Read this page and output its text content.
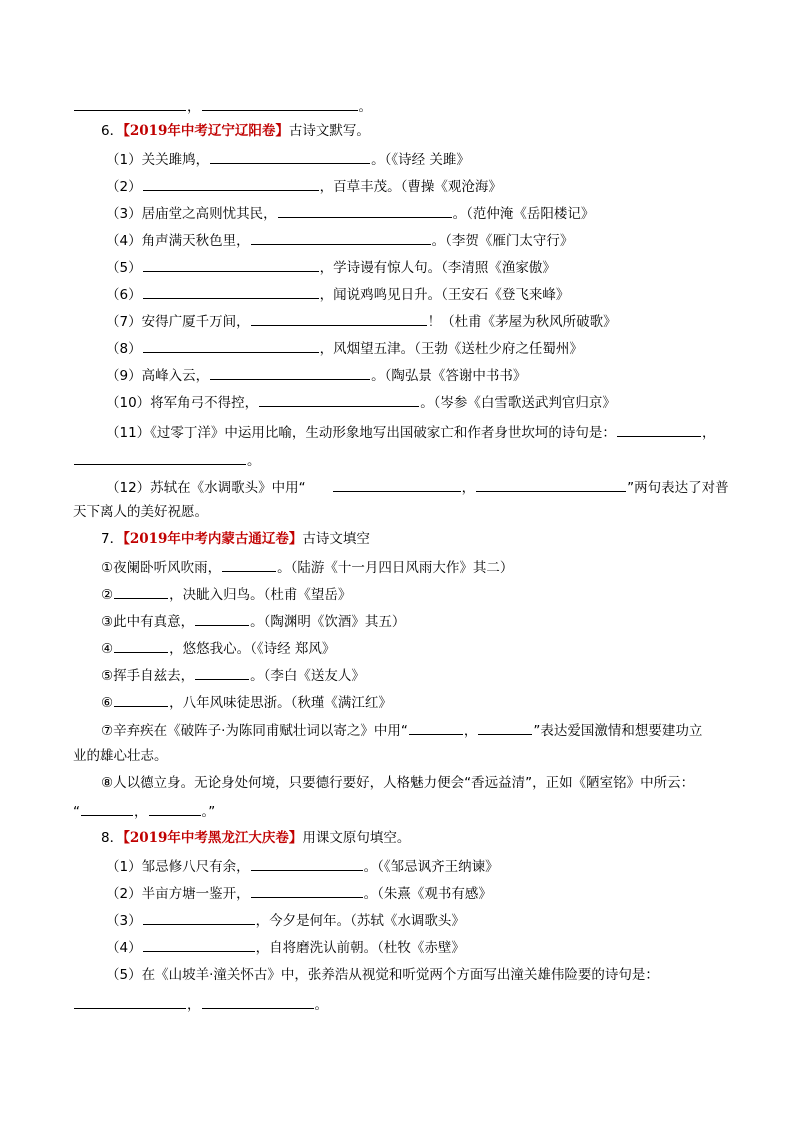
，	。
6．【2019年中考辽宁辽阳卷】古诗文默写。
（1）关关雎鸠，	。（《诗经 关雎》
（2）	，百草丰茂。（曹操《观沧海》
（3）居庙堂之高则忧其民，	。（范仲淹《岳阳楼记》
（4）角声满天秋色里，	。（李贺《雁门太守行》
（5）	，学诗谩有惊人句。（李清照《渔家傲》
（6）	，闻说鸡鸣见日升。（王安石《登飞来峰》
（7）安得广厦千万间，	！（杜甫《茅屋为秋风所破歌》
（8）	，风烟望五津。（王勃《送杜少府之任蜀州》
（9）高峰入云，	。（陶弘景《答谢中书书》
（10）将军角弓不得控，	。（岑参《白雪歌送武判官归京》
（11）《过零丁洋》中运用比喻，生动形象地写出国破家亡和作者身世坎坷的诗句是：	，
。
（12）苏轼在《水调歌头》中用“	，	”两句表达了对普
天下离人的美好祝愿。
7．【2019年中考内蒙古通辽卷】古诗文填空
①夜阑卧听风吹雨，	。（陆游《十一月四日风雨大作》其二）
②	，决眦入归鸟。（杜甫《望岳》
③此中有真意，	。（陶渊明《饮酒》其五）
④	，悠悠我心。（《诗经 郑风》
⑤挥手自兹去，	。（李白《送友人》
⑥	，八年风味徒思浙。（秋瑾《满江红》
⑦辛弃疾在《破阵子·为陈同甫赋壮词以寄之》中用“	，	”表达爱国激情和想要建功立
业的雄心壮志。
⑧人以德立身。无论身处何境，只要德行要好，人格魅力便会“香远益清”，正如《陋室铭》中所云：
“	，	。”
8．【2019年中考黑龙江大庆卷】用课文原句填空。
（1）邹忌修八尺有余，	。（《邹忌讽齐王纳谏》
（2）半亩方塘一鉴开，	。（朱熹《观书有感》
（3）	，今夕是何年。（苏轼《水调歌头》
（4）	，自将磨洗认前朝。（杜牧《赤壁》
（5）在《山坡羊·潼关怀古》中，张养浩从视觉和听觉两个方面写出潼关雄伟险要的诗句是：
，	。
